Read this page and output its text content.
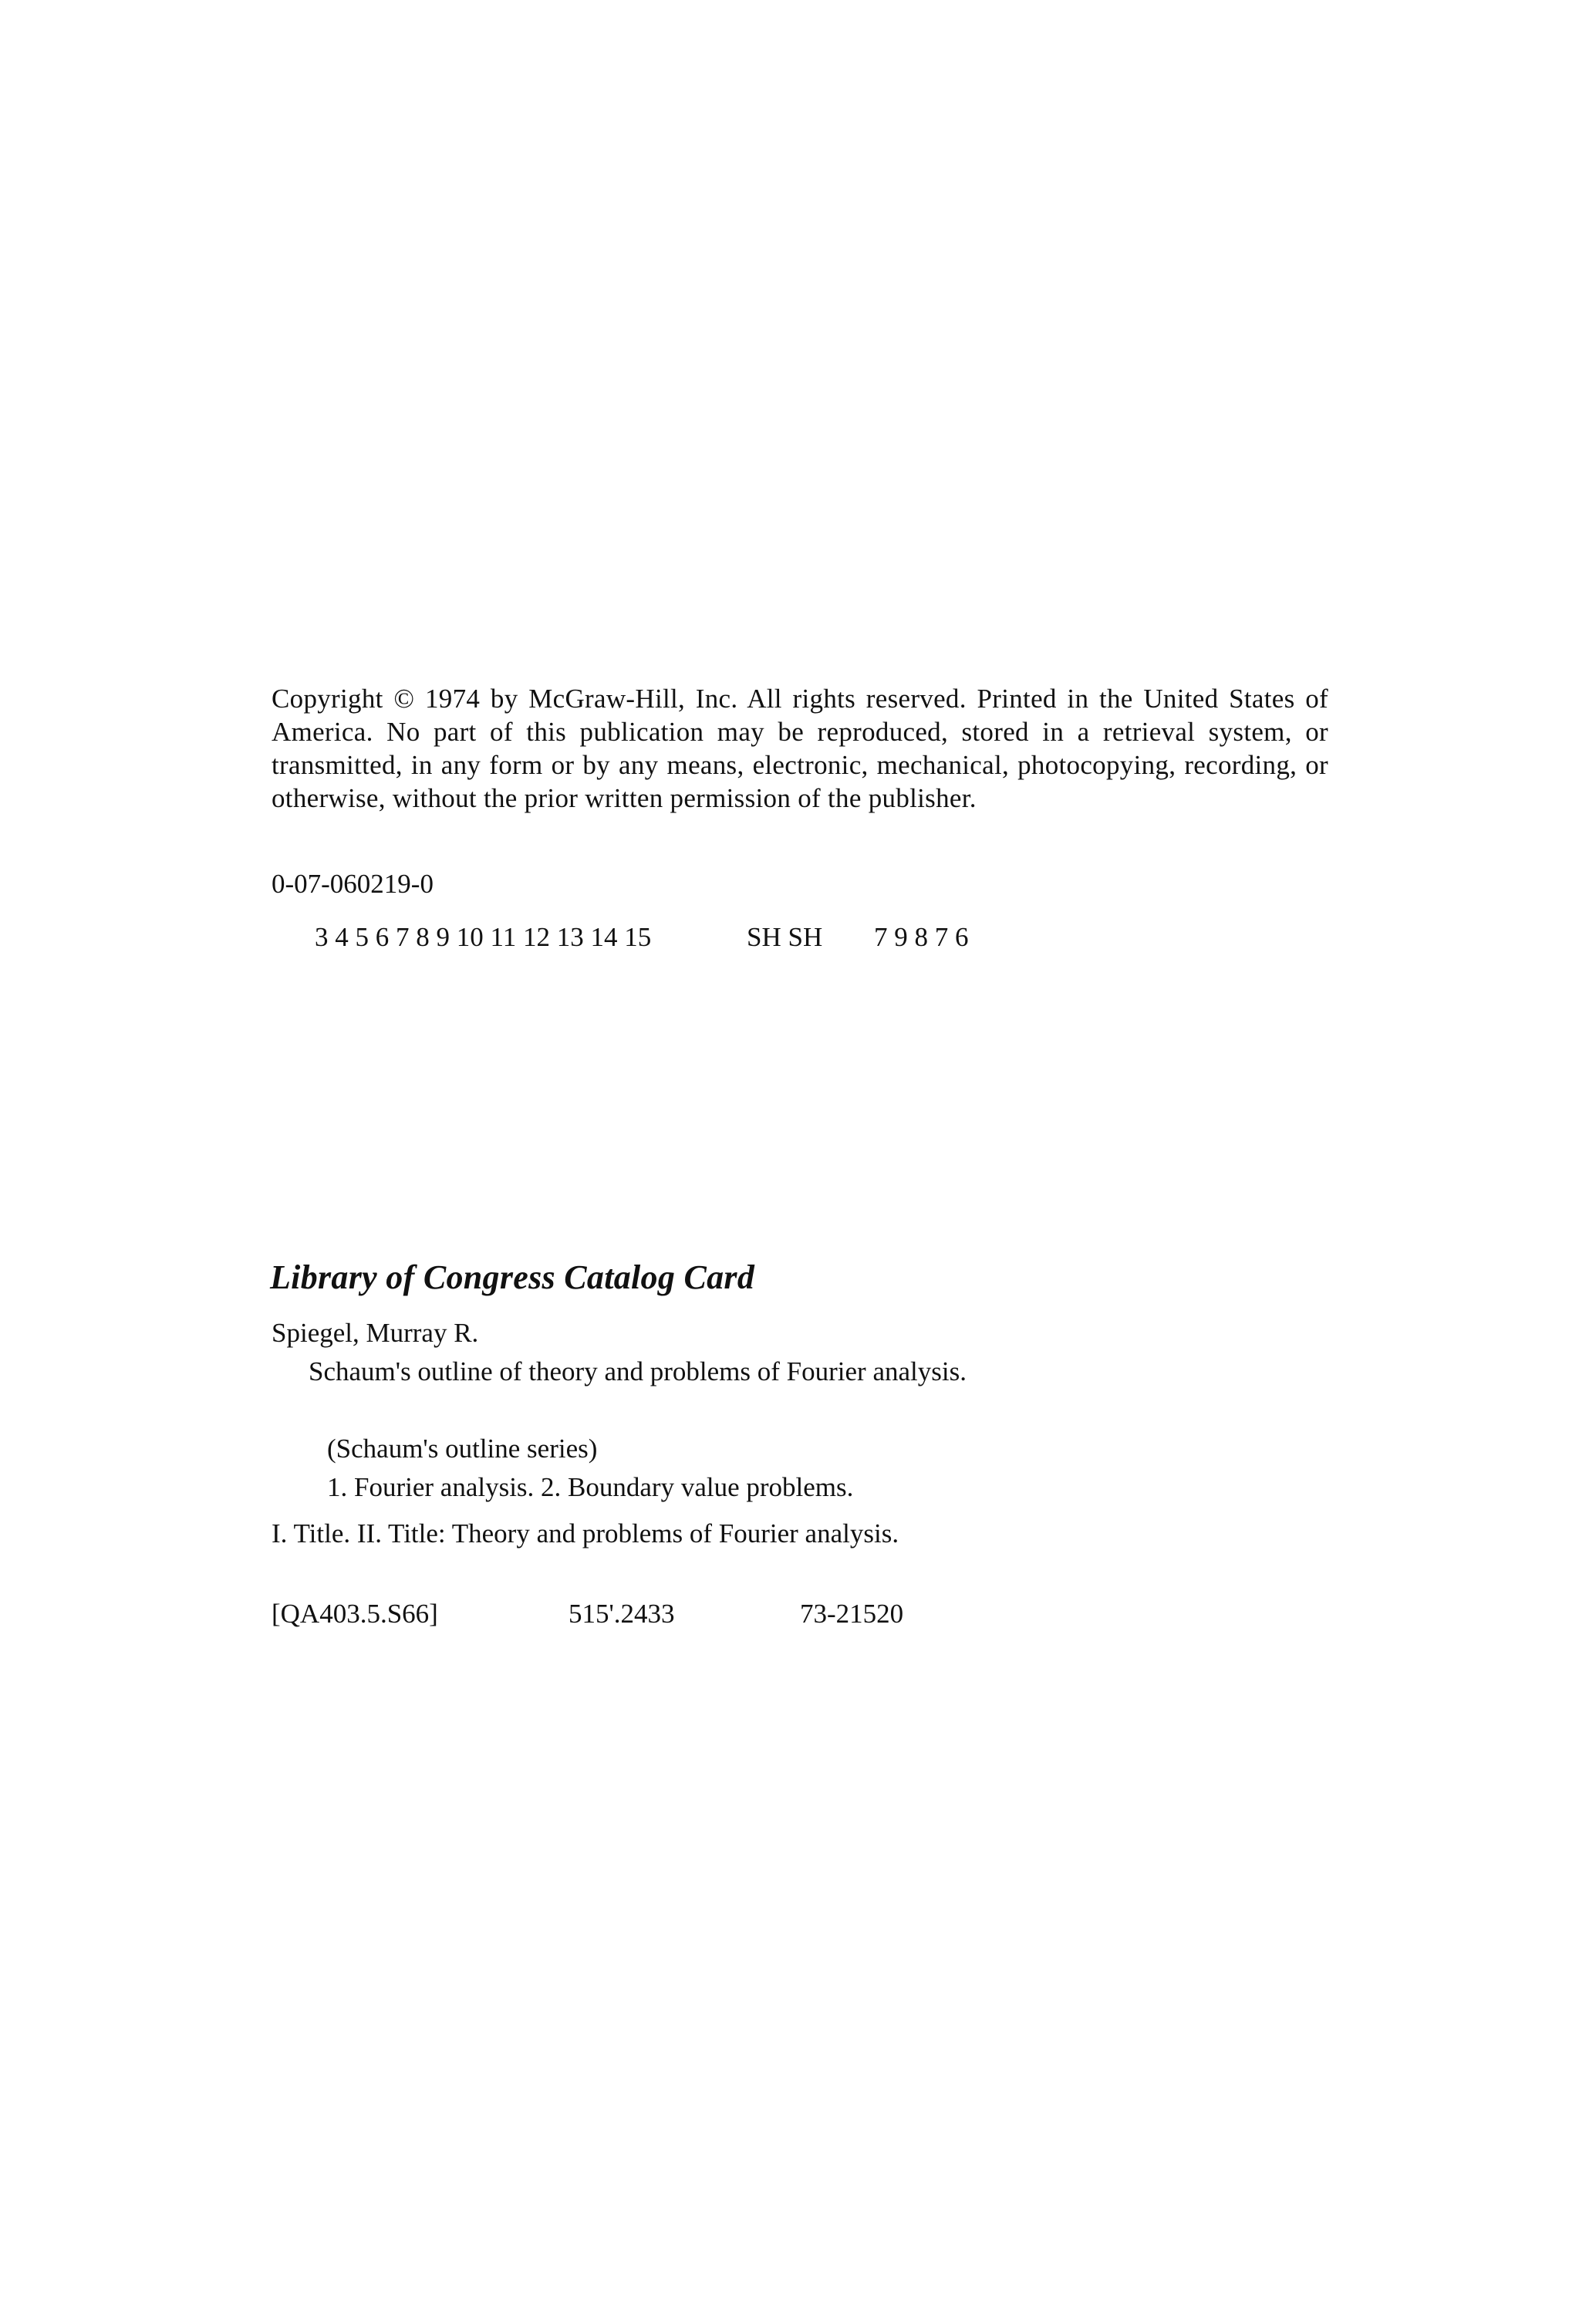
Copyright © 1974 by McGraw-Hill, Inc. All rights reserved. Printed in the United States of America. No part of this publication may be reproduced, stored in a retrieval system, or transmitted, in any form or by any means, electronic, mechanical, photocopying, recording, or otherwise, without the prior written permission of the publisher.

0-07-060219-0

3 4 5 6 7 8 9 10 11 12 13 14 15	SH SH 7 9 8 7 6

Library of Congress Catalog Card

Spiegel, Murray R.

Schaum's outline of theory and problems of Fourier analysis.

(Schaum's outline series)

1. Fourier analysis. 2. Boundary value problems.

I. Title. II. Title: Theory and problems of Fourier analysis.

[QA403.5.S66]	515'.2433	73-21520
